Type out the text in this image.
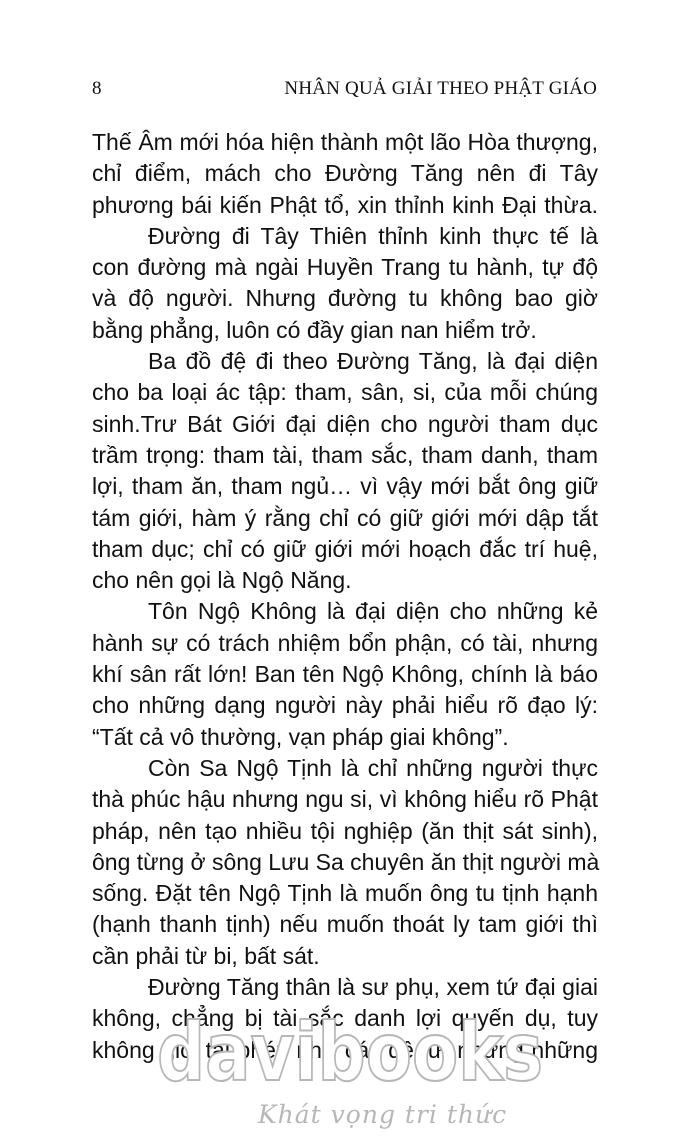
8	NHÂN QUẢ GIẢI THEO PHẬT GIÁO
Thế Âm mới hóa hiện thành một lão Hòa thượng,
chỉ điểm, mách cho Đường Tăng nên đi Tây
phương bái kiến Phật tổ, xin thỉnh kinh Đại thừa.
Đường đi Tây Thiên thỉnh kinh thực tế là
con đường mà ngài Huyền Trang tu hành, tự độ
và độ người. Nhưng đường tu không bao giờ
bằng phẳng, luôn có đầy gian nan hiểm trở.
Ba đồ đệ đi theo Đường Tăng, là đại diện
cho ba loại ác tập: tham, sân, si, của mỗi chúng
sinh.Trư Bát Giới đại diện cho người tham dục
trầm trọng: tham tài, tham sắc, tham danh, tham
lợi, tham ăn, tham ngủ… vì vậy mới bắt ông giữ
tám giới, hàm ý rằng chỉ có giữ giới mới dập tắt
tham dục; chỉ có giữ giới mới hoạch đắc trí huệ,
cho nên gọi là Ngộ Năng.
Tôn Ngộ Không là đại diện cho những kẻ
hành sự có trách nhiệm bổn phận, có tài, nhưng
khí sân rất lớn! Ban tên Ngộ Không, chính là báo
cho những dạng người này phải hiểu rõ đạo lý:
“Tất cả vô thường, vạn pháp giai không”.
Còn Sa Ngộ Tịnh là chỉ những người thực
thà phúc hậu nhưng ngu si, vì không hiểu rõ Phật
pháp, nên tạo nhiều tội nghiệp (ăn thịt sát sinh),
ông từng ở sông Lưu Sa chuyên ăn thịt người mà
sống. Đặt tên Ngộ Tịnh là muốn ông tu tịnh hạnh
(hạnh thanh tịnh) nếu muốn thoát ly tam giới thì
cần phải từ bi, bất sát.
Đường Tăng thân là sư phụ, xem tứ đại giai
không, chẳng bị tài sắc danh lợi quyến dụ, tuy
không giỏi tài phép như các đệ tử, nhưng những
davibooks
Khát vọng tri thức
